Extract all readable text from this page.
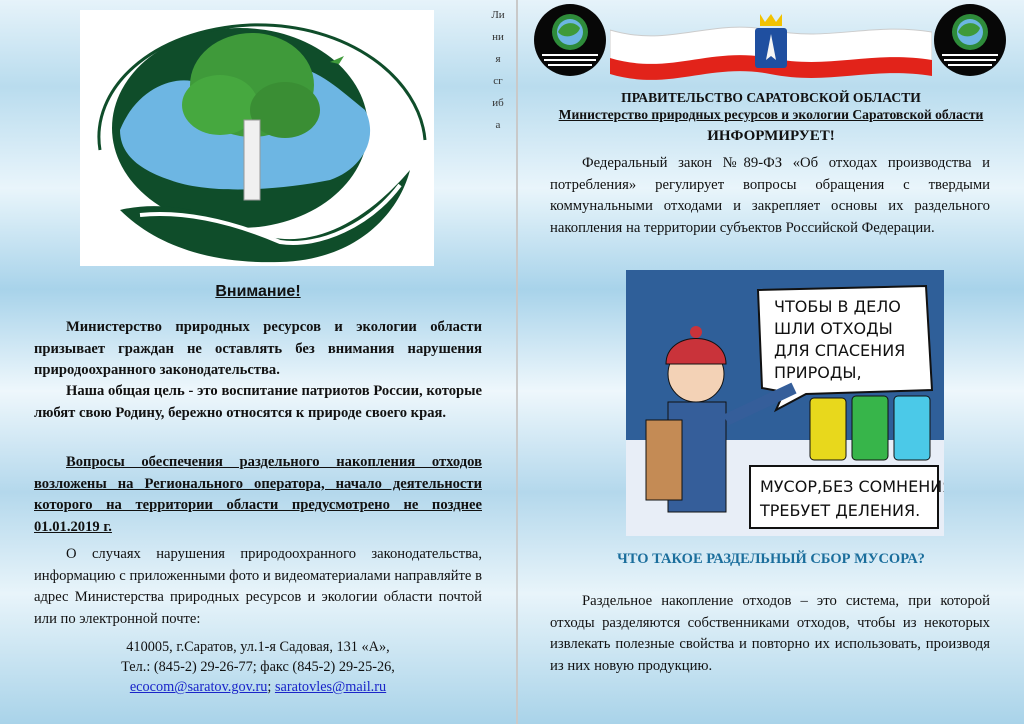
Ли
ни
я
сг
иб
а
Внимание!

Министерство природных ресурсов и экологии области призывает граждан не оставлять без внимания нарушения природоохранного законодательства.

Наша общая цель - это воспитание патриотов России, которые любят свою Родину, бережно относятся к природе своего края.

Вопросы обеспечения раздельного накопления отходов возложены на Регионального оператора, начало деятельности которого на территории области предусмотрено не позднее 01.01.2019 г.

О случаях нарушения природоохранного законодательства, информацию с приложенными фото и видеоматериалами направляйте в адрес Министерства природных ресурсов и экологии области почтой или по электронной почте:

410005, г.Саратов, ул.1-я Садовая, 131 «А»,
Тел.: (845-2) 29-26-77; факс (845-2) 29-25-26,
ecocom@saratov.gov.ru; saratovles@mail.ru
ПРАВИТЕЛЬСТВО САРАТОВСКОЙ ОБЛАСТИ
Министерство природных ресурсов и экологии Саратовской области
ИНФОРМИРУЕТ!

Федеральный закон №89-ФЗ «Об отходах производства и потребления» регулирует вопросы обращения с твердыми коммунальными отходами и закрепляет основы их раздельного накопления на территории субъектов Российской Федерации.

ЧТОБЫ В ДЕЛО
ШЛИ ОТХОДЫ
ДЛЯ СПАСЕНИЯ
ПРИРОДЫ,
МУСОР,БЕЗ СОМНЕНИЯ,
ТРЕБУЕТ ДЕЛЕНИЯ.
ЧТО ТАКОЕ РАЗДЕЛЬНЫЙ СБОР МУСОРА?

Раздельное накопление отходов – это система, при которой отходы разделяются собственниками отходов, чтобы из некоторых извлекать полезные свойства и повторно их использовать, производя из них новую продукцию.
